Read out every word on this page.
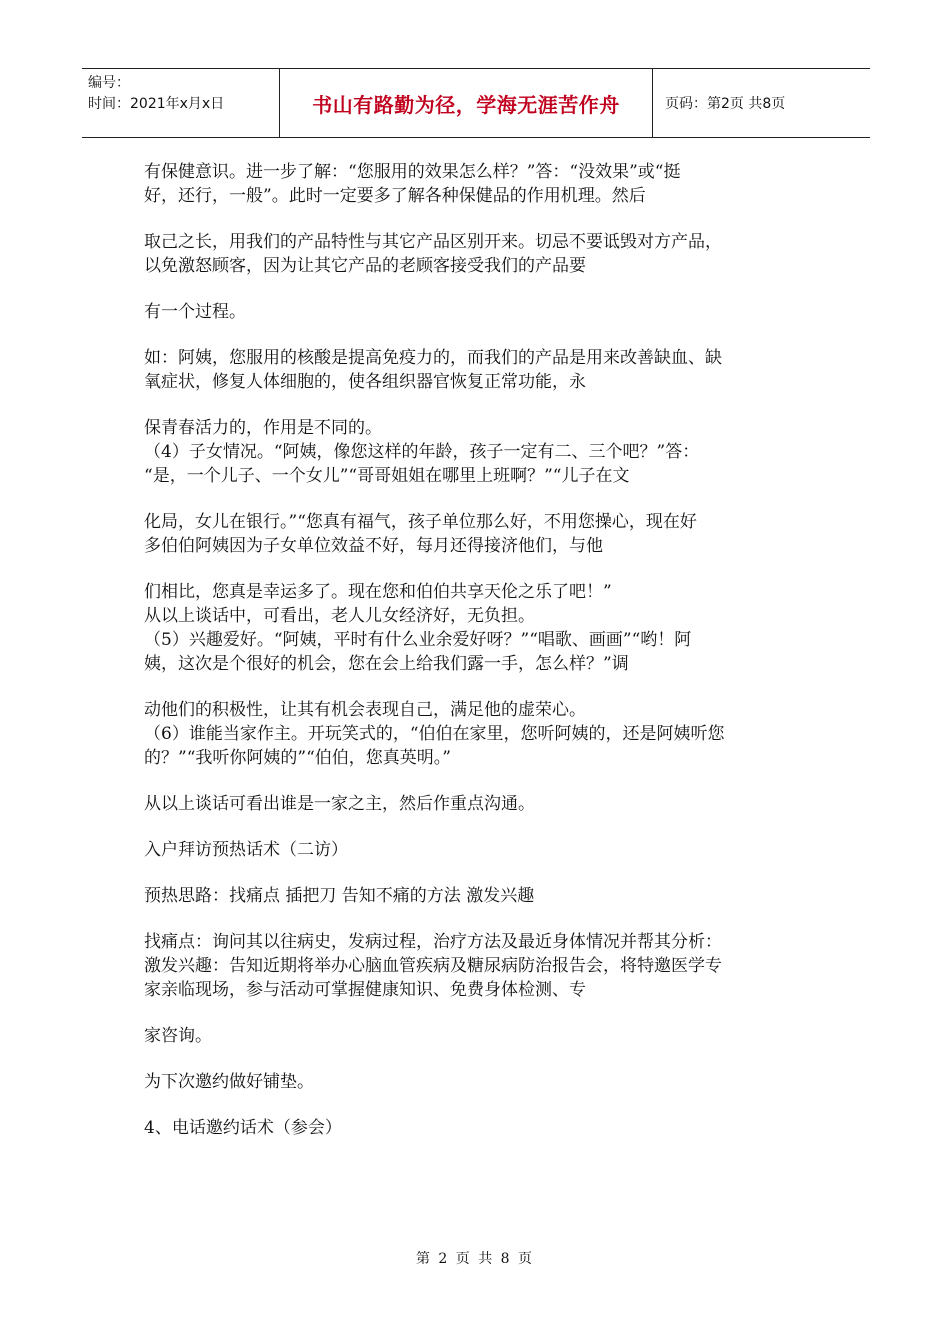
编号：
时间：2021年x月x日	书山有路勤为径，学海无涯苦作舟	页码：第2页 共8页
有保健意识。进一步了解：“您服用的效果怎么样？”答：“没效果”或“挺
好，还行，一般”。此时一定要多了解各种保健品的作用机理。然后
取己之长，用我们的产品特性与其它产品区别开来。切忌不要诋毁对方产品，
以免激怒顾客，因为让其它产品的老顾客接受我们的产品要
有一个过程。
如：阿姨，您服用的核酸是提高免疫力的，而我们的产品是用来改善缺血、缺
氧症状，修复人体细胞的，使各组织器官恢复正常功能，永
保青春活力的，作用是不同的。
（4）子女情况。“阿姨，像您这样的年龄，孩子一定有二、三个吧？”答：
“是，一个儿子、一个女儿”“哥哥姐姐在哪里上班啊？”“儿子在文
化局，女儿在银行。”“您真有福气，孩子单位那么好，不用您操心，现在好
多伯伯阿姨因为子女单位效益不好，每月还得接济他们，与他
们相比，您真是幸运多了。现在您和伯伯共享天伦之乐了吧！”
从以上谈话中，可看出，老人儿女经济好，无负担。
（5）兴趣爱好。“阿姨，平时有什么业余爱好呀？”“唱歌、画画”“哟！阿
姨，这次是个很好的机会，您在会上给我们露一手，怎么样？”调
动他们的积极性，让其有机会表现自己，满足他的虚荣心。
（6）谁能当家作主。开玩笑式的，“伯伯在家里，您听阿姨的，还是阿姨听您
的？”“我听你阿姨的”“伯伯，您真英明。”
从以上谈话可看出谁是一家之主，然后作重点沟通。
入户拜访预热话术（二访）
预热思路：找痛点 插把刀 告知不痛的方法 激发兴趣
找痛点：询问其以往病史，发病过程，治疗方法及最近身体情况并帮其分析：
激发兴趣：告知近期将举办心脑血管疾病及糖尿病防治报告会，将特邀医学专
家亲临现场，参与活动可掌握健康知识、免费身体检测、专
家咨询。
为下次邀约做好铺垫。
4、电话邀约话术（参会）
第 2 页 共 8 页
